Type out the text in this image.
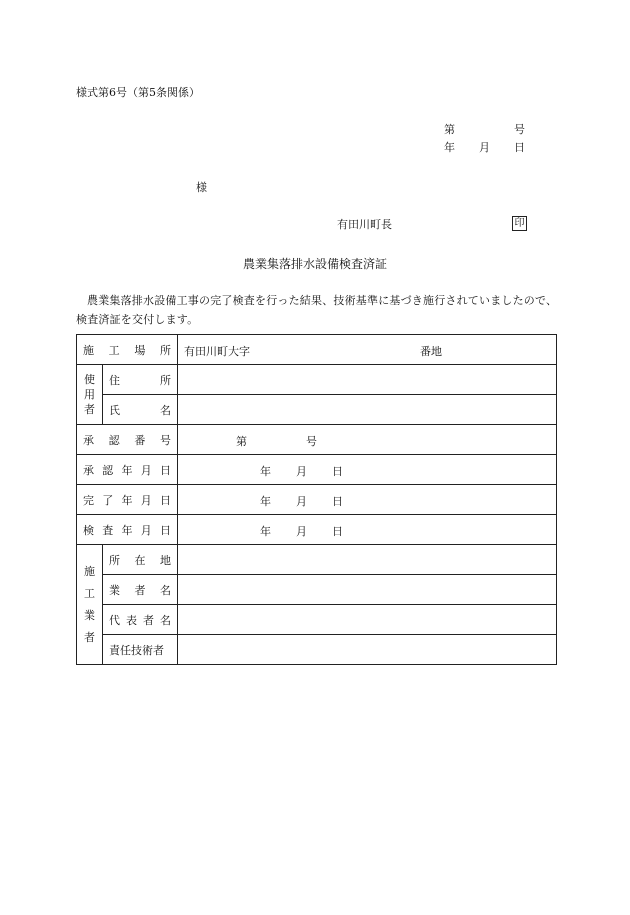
様式第6号（第5条関係）
第	号
年 月 日
様
有田川町長	印
農業集落排水設備検査済証
農業集落排水設備工事の完了検査を行った結果、技術基準に基づき施行されていましたので、検査済証を交付します。
施 工 場 所		有田川町大字 番地

使
用
者	住 所	

	氏 名	

承 認 番 号		第 号

承 認 年 月 日		年 月 日

完 了 年 月 日		年 月 日

検 査 年 月 日		年 月 日

施
工
業
者	所 在 地	

	業 者 名	

	代 表 者 名	

	責任技術者	
